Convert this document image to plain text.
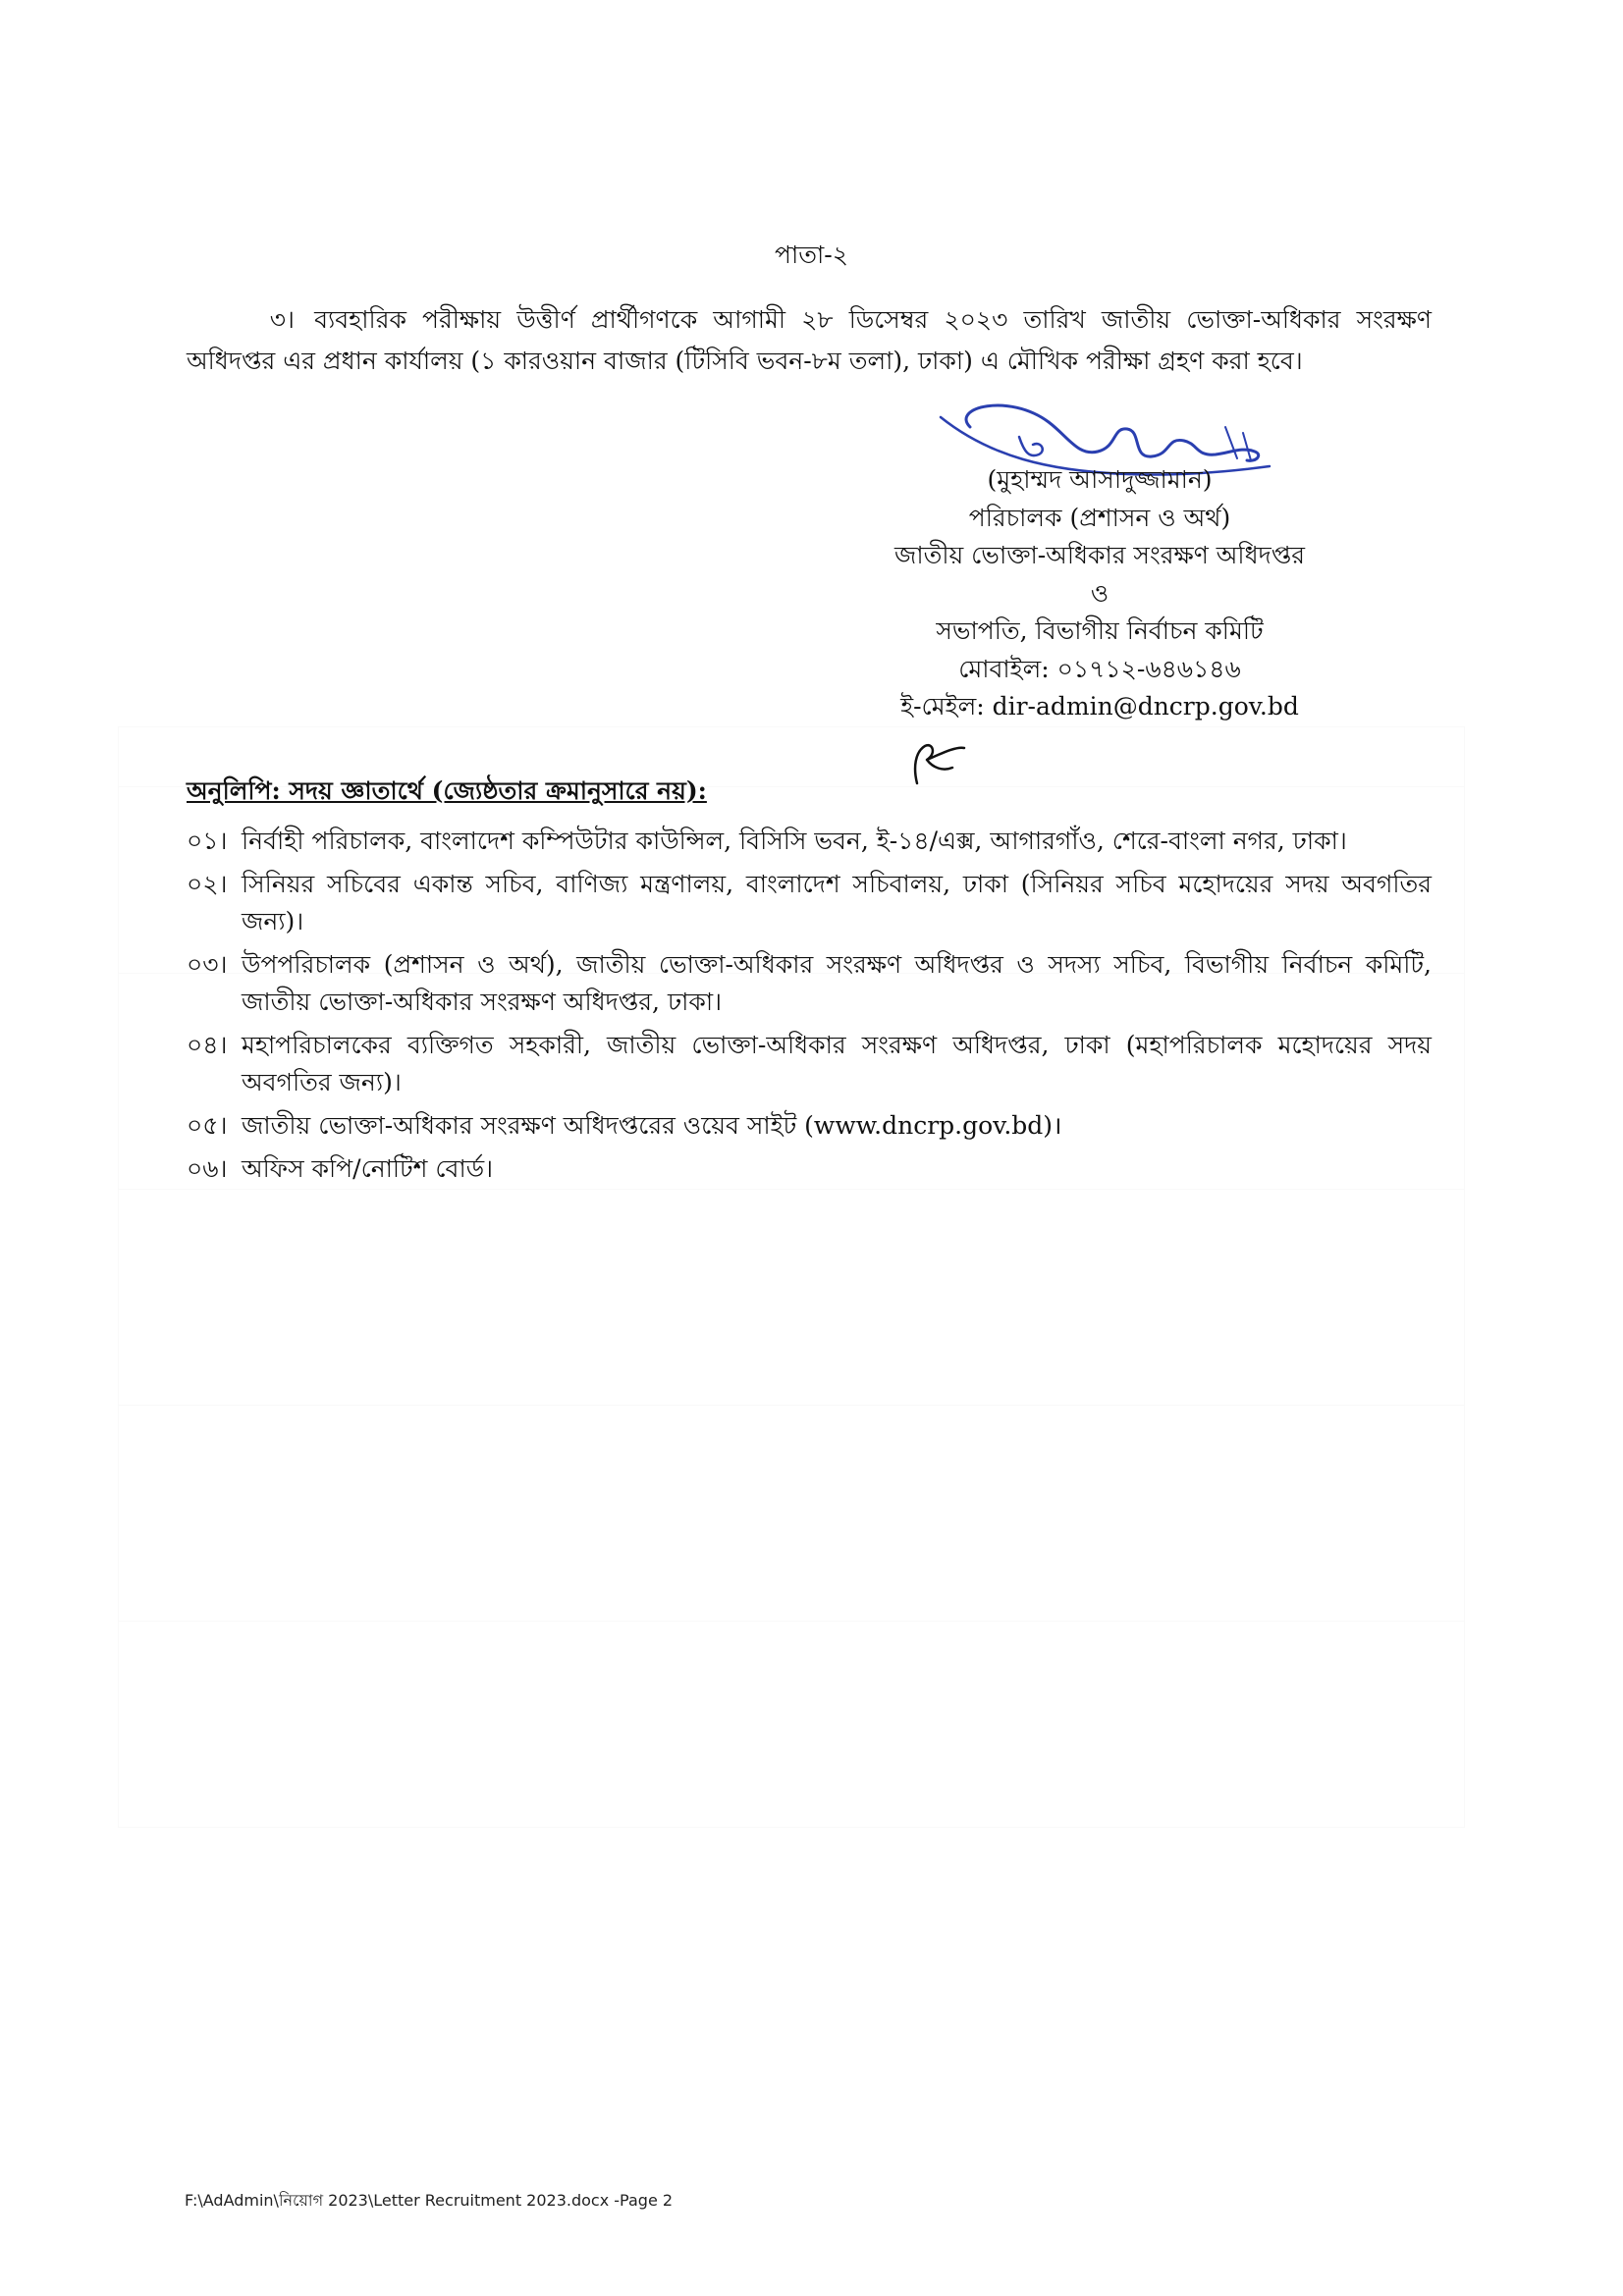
পাতা-২
৩। ব্যবহারিক পরীক্ষায় উত্তীর্ণ প্রার্থীগণকে আগামী ২৮ ডিসেম্বর ২০২৩ তারিখ জাতীয় ভোক্তা-অধিকার সংরক্ষণ অধিদপ্তর এর প্রধান কার্যালয় (১ কারওয়ান বাজার (টিসিবি ভবন-৮ম তলা), ঢাকা) এ মৌখিক পরীক্ষা গ্রহণ করা হবে।
(মুহাম্মদ আসাদুজ্জামান)
পরিচালক (প্রশাসন ও অর্থ)
জাতীয় ভোক্তা-অধিকার সংরক্ষণ অধিদপ্তর
ও
সভাপতি, বিভাগীয় নির্বাচন কমিটি
মোবাইল: ০১৭১২-৬৪৬১৪৬
ই-মেইল: dir-admin@dncrp.gov.bd
অনুলিপি: সদয় জ্ঞাতার্থে (জ্যেষ্ঠতার ক্রমানুসারে নয়):
০১। নির্বাহী পরিচালক, বাংলাদেশ কম্পিউটার কাউন্সিল, বিসিসি ভবন, ই-১৪/এক্স, আগারগাঁও, শেরে-বাংলা নগর, ঢাকা।
০২। সিনিয়র সচিবের একান্ত সচিব, বাণিজ্য মন্ত্রণালয়, বাংলাদেশ সচিবালয়, ঢাকা (সিনিয়র সচিব মহোদয়ের সদয় অবগতির জন্য)।
০৩। উপপরিচালক (প্রশাসন ও অর্থ), জাতীয় ভোক্তা-অধিকার সংরক্ষণ অধিদপ্তর ও সদস্য সচিব, বিভাগীয় নির্বাচন কমিটি, জাতীয় ভোক্তা-অধিকার সংরক্ষণ অধিদপ্তর, ঢাকা।
০৪। মহাপরিচালকের ব্যক্তিগত সহকারী, জাতীয় ভোক্তা-অধিকার সংরক্ষণ অধিদপ্তর, ঢাকা (মহাপরিচালক মহোদয়ের সদয় অবগতির জন্য)।
০৫। জাতীয় ভোক্তা-অধিকার সংরক্ষণ অধিদপ্তরের ওয়েব সাইট (www.dncrp.gov.bd)।
০৬। অফিস কপি/নোটিশ বোর্ড।
F:\AdAdmin\নিয়োগ 2023\Letter Recruitment 2023.docx -Page 2
